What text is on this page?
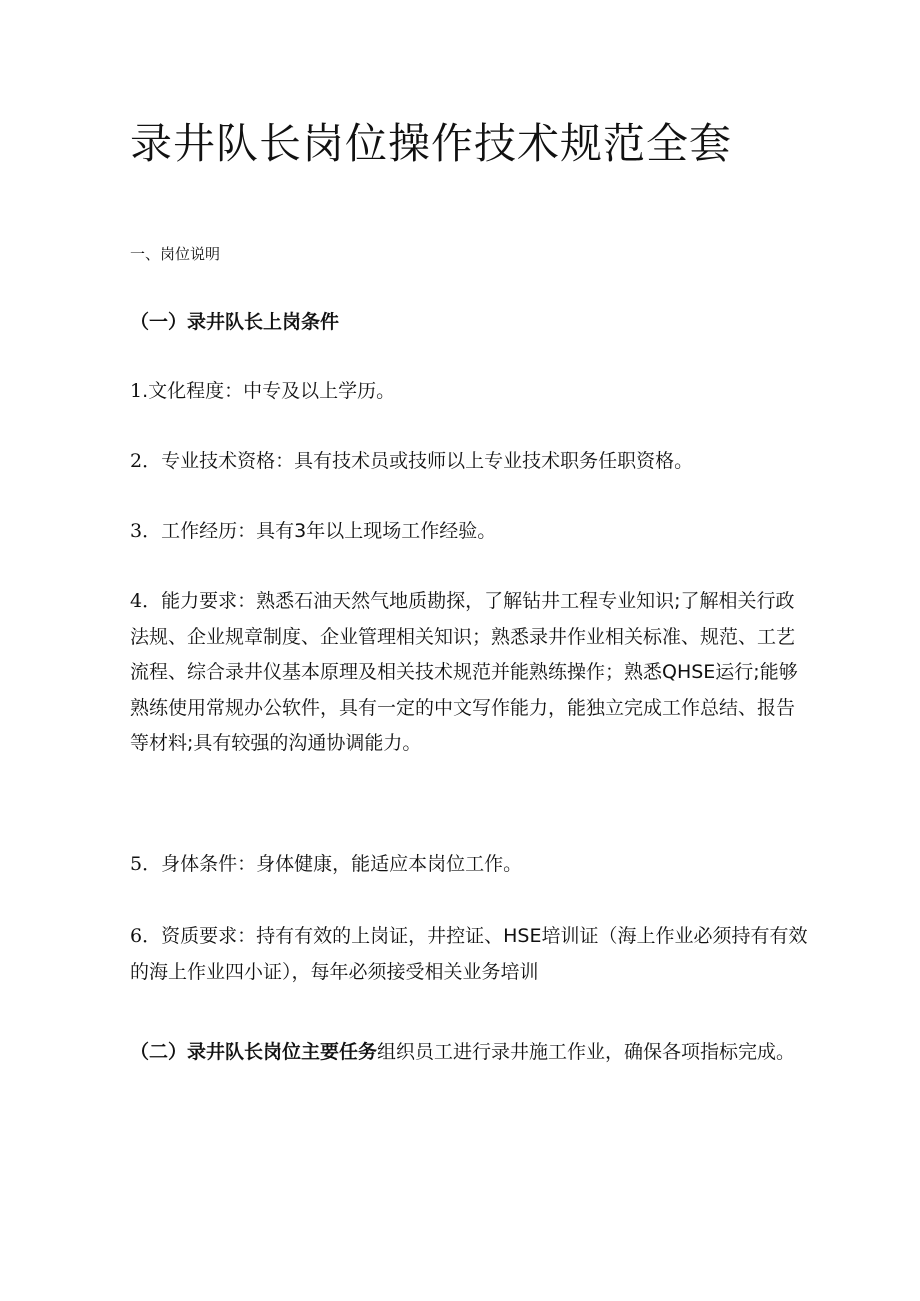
录井队长岗位操作技术规范全套
一、岗位说明
（一）录井队长上岗条件

1.文化程度：中专及以上学历。

2．专业技术资格：具有技术员或技师以上专业技术职务任职资格。

3．工作经历：具有3年以上现场工作经验。

4．能力要求：熟悉石油天然气地质勘探，了解钻井工程专业知识;了解相关行政法规、企业规章制度、企业管理相关知识；熟悉录井作业相关标准、规范、工艺流程、综合录井仪基本原理及相关技术规范并能熟练操作；熟悉QHSE运行;能够熟练使用常规办公软件，具有一定的中文写作能力，能独立完成工作总结、报告等材料;具有较强的沟通协调能力。

5．身体条件：身体健康，能适应本岗位工作。

6．资质要求：持有有效的上岗证，井控证、HSE培训证（海上作业必须持有有效的海上作业四小证），每年必须接受相关业务培训

（二）录井队长岗位主要任务组织员工进行录井施工作业，确保各项指标完成。
